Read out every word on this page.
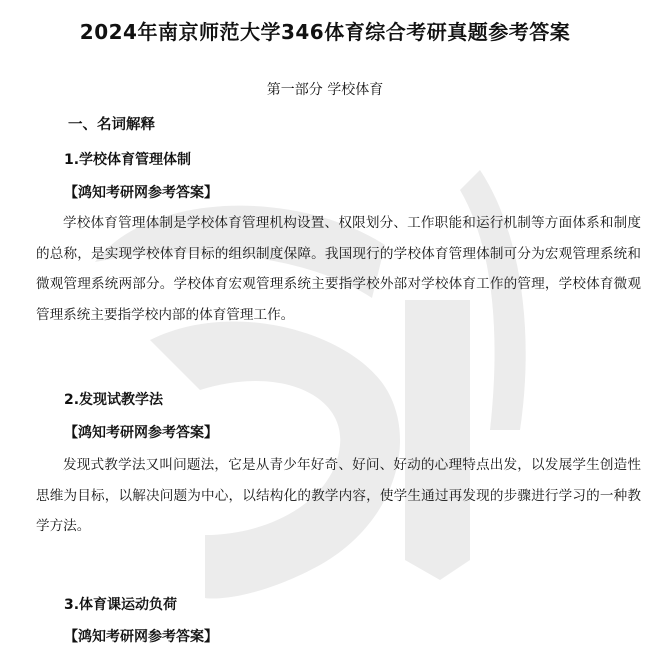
2024年南京师范大学346体育综合考研真题参考答案
第一部分 学校体育
一、名词解释
1.学校体育管理体制
【鸿知考研网参考答案】
学校体育管理体制是学校体育管理机构设置、权限划分、工作职能和运行机制等方面体系和制度的总称，是实现学校体育目标的组织制度保障。我国现行的学校体育管理体制可分为宏观管理系统和微观管理系统两部分。学校体育宏观管理系统主要指学校外部对学校体育工作的管理，学校体育微观管理系统主要指学校内部的体育管理工作。
2.发现试教学法
【鸿知考研网参考答案】
发现式教学法又叫问题法，它是从青少年好奇、好问、好动的心理特点出发，以发展学生创造性思维为目标，以解决问题为中心，以结构化的教学内容，使学生通过再发现的步骤进行学习的一种教学方法。
3.体育课运动负荷
【鸿知考研网参考答案】
